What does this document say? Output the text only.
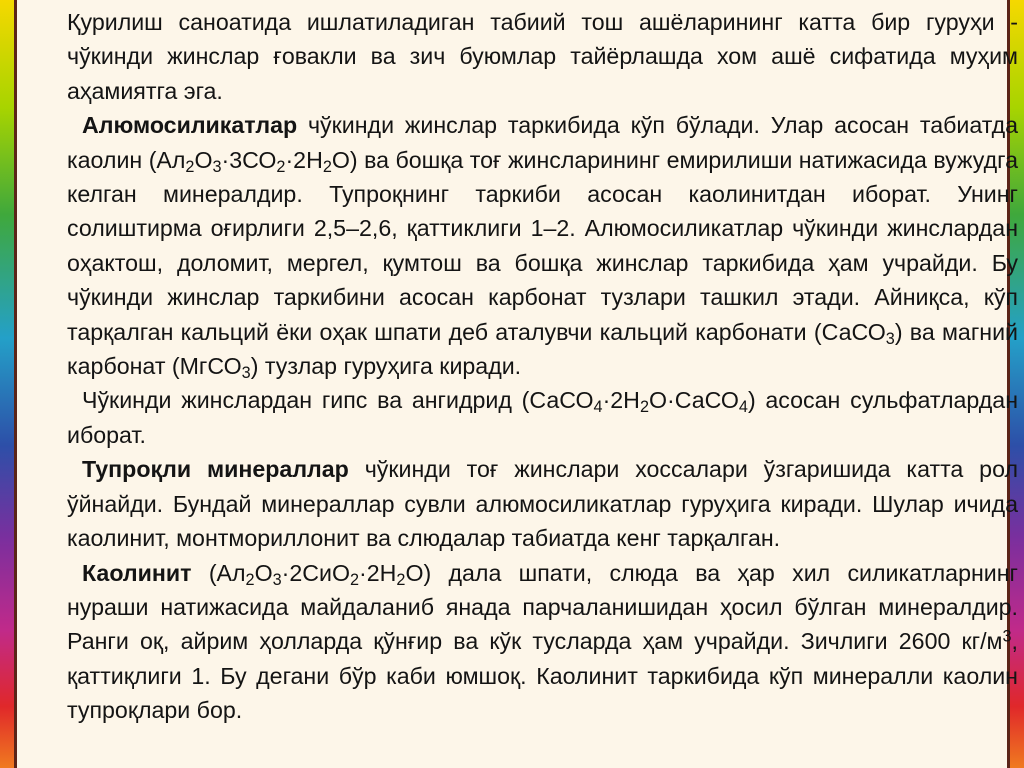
Қурилиш саноатида ишлатиладиган табиий тош ашёларининг катта бир гуруҳи - чўкинди жинслар ғовакли ва зич буюмлар тайёрлашда хом ашё сифатида муҳим аҳамиятга эга.

Алюмосиликатлар чўкинди жинслар таркибида кўп бўлади. Улар асосан табиатда каолин $(Ал_2О_3\cdot 3СО_2\cdot 2Н_2О)$ ва бошқа тоғ жинсларининг емирилиши натижасида вужудга келган минералдир. Тупроқнинг таркиби асосан каолинитдан иборат. Унинг солиштирма оғирлиги 2,5–2,6, қаттиклиги 1–2. Алюмосиликатлар чўкинди жинслардан оҳактош, доломит, мергел, қумтош ва бошқа жинслар таркибида ҳам учрайди. Бу чўкинди жинслар таркибини асосан карбонат тузлари ташкил этади. Айниқса, кўп тарқалган кальций ёки оҳак шпати деб аталувчи кальций карбонати (СаСО$_3$) ва магний карбонат (МгСО$_3$) тузлар гуруҳига киради.

Чўкинди жинслардан гипс ва ангидрид $(СаСО_4\cdot 2Н_2О\cdot СаСО_4)$ асосан сульфатлардан иборат.

Тупроқли минераллар чўкинди тоғ жинслари хоссалари ўзгаришида катта рол ўйнайди. Бундай минераллар сувли алюмосиликатлар гуруҳига киради. Шулар ичида каолинит, монтмориллонит ва слюдалар табиатда кенг тарқалган.

Каолинит $(Ал_2О_3\cdot 2СиО_2\cdot 2Н_2О)$ дала шпати, слюда ва ҳар хил силикатларнинг нураши натижасида майдаланиб янада парчаланишидан ҳосил бўлган минералдир. Ранги оқ, айрим ҳолларда қўнғир ва кўк тусларда ҳам учрайди. Зичлиги 2600 $кг/м^3$, қаттиқлиги 1. Бу дегани бўр каби юмшоқ. Каолинит таркибида кўп минералли каолин тупроқлари бор.
